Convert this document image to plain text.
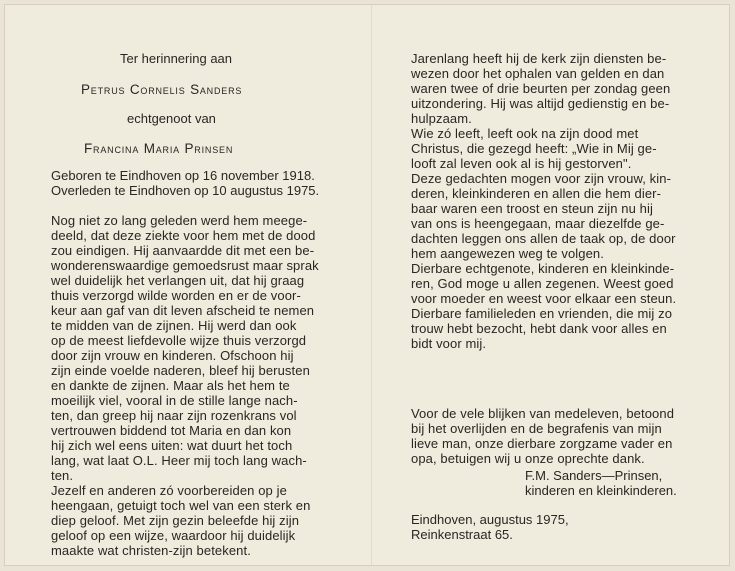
Ter herinnering aan
Petrus Cornelis Sanders
echtgenoot van
Francina Maria Prinsen
Geboren te Eindhoven op 16 november 1918.
Overleden te Eindhoven op 10 augustus 1975.
Nog niet zo lang geleden werd hem meege-
deeld, dat deze ziekte voor hem met de dood
zou eindigen. Hij aanvaardde dit met een be-
wonderenswaardige gemoedsrust maar sprak
wel duidelijk het verlangen uit, dat hij graag
thuis verzorgd wilde worden en er de voor-
keur aan gaf van dit leven afscheid te nemen
te midden van de zijnen. Hij werd dan ook
op de meest liefdevolle wijze thuis verzorgd
door zijn vrouw en kinderen. Ofschoon hij
zijn einde voelde naderen, bleef hij berusten
en dankte de zijnen. Maar als het hem te
moeilijk viel, vooral in de stille lange nach-
ten, dan greep hij naar zijn rozenkrans vol
vertrouwen biddend tot Maria en dan kon
hij zich wel eens uiten: wat duurt het toch
lang, wat laat O.L. Heer mij toch lang wach-
ten.
Jezelf en anderen zó voorbereiden op je
heengaan, getuigt toch wel van een sterk en
diep geloof. Met zijn gezin beleefde hij zijn
geloof op een wijze, waardoor hij duidelijk
maakte wat christen-zijn betekent.
Jarenlang heeft hij de kerk zijn diensten be-
wezen door het ophalen van gelden en dan
waren twee of drie beurten per zondag geen
uitzondering. Hij was altijd gedienstig en be-
hulpzaam.
Wie zó leeft, leeft ook na zijn dood met
Christus, die gezegd heeft: „Wie in Mij ge-
looft zal leven ook al is hij gestorven".
Deze gedachten mogen voor zijn vrouw, kin-
deren, kleinkinderen en allen die hem dier-
baar waren een troost en steun zijn nu hij
van ons is heengegaan, maar diezelfde ge-
dachten leggen ons allen de taak op, de door
hem aangewezen weg te volgen.
Dierbare echtgenote, kinderen en kleinkinde-
ren, God moge u allen zegenen. Weest goed
voor moeder en weest voor elkaar een steun.
Dierbare familieleden en vrienden, die mij zo
trouw hebt bezocht, hebt dank voor alles en
bidt voor mij.
Voor de vele blijken van medeleven, betoond
bij het overlijden en de begrafenis van mijn
lieve man, onze dierbare zorgzame vader en
opa, betuigen wij u onze oprechte dank.
F.M. Sanders—Prinsen,
kinderen en kleinkinderen.
Eindhoven, augustus 1975,
Reinkenstraat 65.
